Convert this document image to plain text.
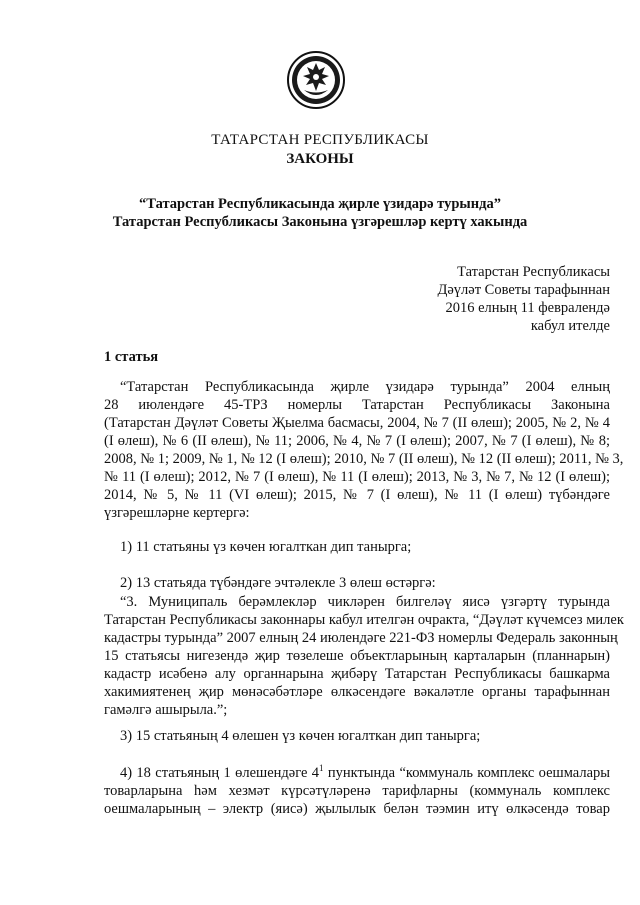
ТАТАРСТАН РЕСПУБЛИКАСЫ
ЗАКОНЫ
“Татарстан Республикасында җирле үзидарә турында”
Татарстан Республикасы Законына үзгәрешләр кертү хакында
Татарстан Республикасы
Дәүләт Советы тарафыннан
2016 елның 11 февралендә
кабул ителде
1 статья
“Татарстан Республикасында җирле үзидарә турында” 2004 елның
28 июлендәге 45-ТРЗ номерлы Татарстан Республикасы Законына
(Татарстан Дәүләт Советы Җыелма басмасы, 2004, № 7 (II өлеш); 2005, № 2, № 4
(I өлеш), № 6 (II өлеш), № 11; 2006, № 4, № 7 (I өлеш); 2007, № 7 (I өлеш), № 8;
2008, № 1; 2009, № 1, № 12 (I өлеш); 2010, № 7 (II өлеш), № 12 (II өлеш); 2011, № 3,
№ 11 (I өлеш); 2012, № 7 (I өлеш), № 11 (I өлеш); 2013, № 3, № 7, № 12 (I өлеш);
2014, № 5, № 11 (VI өлеш); 2015, № 7 (I өлеш), № 11 (I өлеш) түбәндәге
үзгәрешләрне кертергә:
1) 11 статьяны үз көчен югалткан дип танырга;
2) 13 статьяда түбәндәге эчтәлекле 3 өлеш өстәргә:
“3. Муниципаль берәмлекләр чикләрен билгеләү яисә үзгәртү турында
Татарстан Республикасы законнары кабул ителгән очракта, “Дәүләт күчемсез милек
кадастры турында” 2007 елның 24 июлендәге 221-ФЗ номерлы Федераль законның
15 статьясы нигезендә җир төзелеше объектларының карталарын (планнарын)
кадастр исәбенә алу органнарына җибәрү Татарстан Республикасы башкарма
хакимиятенең җир мөнәсәбәтләре өлкәсендәге вәкаләтле органы тарафыннан
гамәлгә ашырыла.”;
3) 15 статьяның 4 өлешен үз көчен югалткан дип танырга;
4) 18 статьяның 1 өлешендәге $4^1$ пунктында “коммуналь комплекс оешмалары
товарларына һәм хезмәт күрсәтүләренә тарифларны (коммуналь комплекс
оешмаларының – электр (яисә) җылылык белән тәэмин итү өлкәсендә товар
